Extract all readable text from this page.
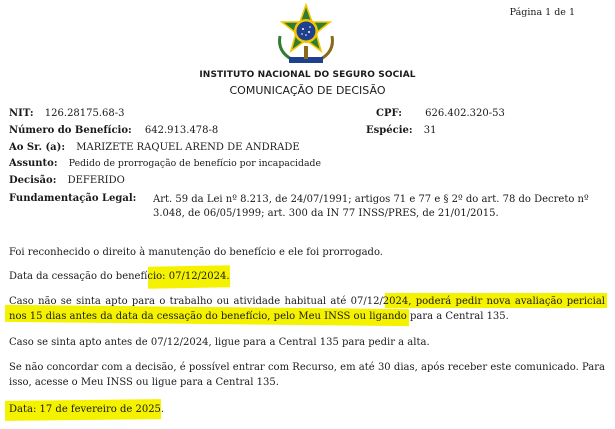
Página 1 de 1
INSTITUTO NACIONAL DO SEGURO SOCIAL
COMUNICAÇÃO DE DECISÃO
NIT: 126.28175.68-3	CPF: 626.402.320-53
Número do Benefício: 642.913.478-8	Espécie: 31
Ao Sr. (a): MARIZETE RAQUEL AREND DE ANDRADE
Assunto: Pedido de prorrogação de benefício por incapacidade
Decisão: DEFERIDO
Fundamentação Legal: Art. 59 da Lei nº 8.213, de 24/07/1991; artigos 71 e 77 e § 2º do art. 78 do Decreto nº 3.048, de 06/05/1999; art. 300 da IN 77 INSS/PRES, de 21/01/2015.
Foi reconhecido o direito à manutenção do benefício e ele foi prorrogado.
Data da cessação do benefício: 07/12/2024.
Caso não se sinta apto para o trabalho ou atividade habitual até 07/12/2024, poderá pedir nova avaliação pericial nos 15 dias antes da data da cessação do benefício, pelo Meu INSS ou ligando para a Central 135.
Caso se sinta apto antes de 07/12/2024, ligue para a Central 135 para pedir a alta.
Se não concordar com a decisão, é possível entrar com Recurso, em até 30 dias, após receber este comunicado. Para isso, acesse o Meu INSS ou ligue para a Central 135.
Data: 17 de fevereiro de 2025.
